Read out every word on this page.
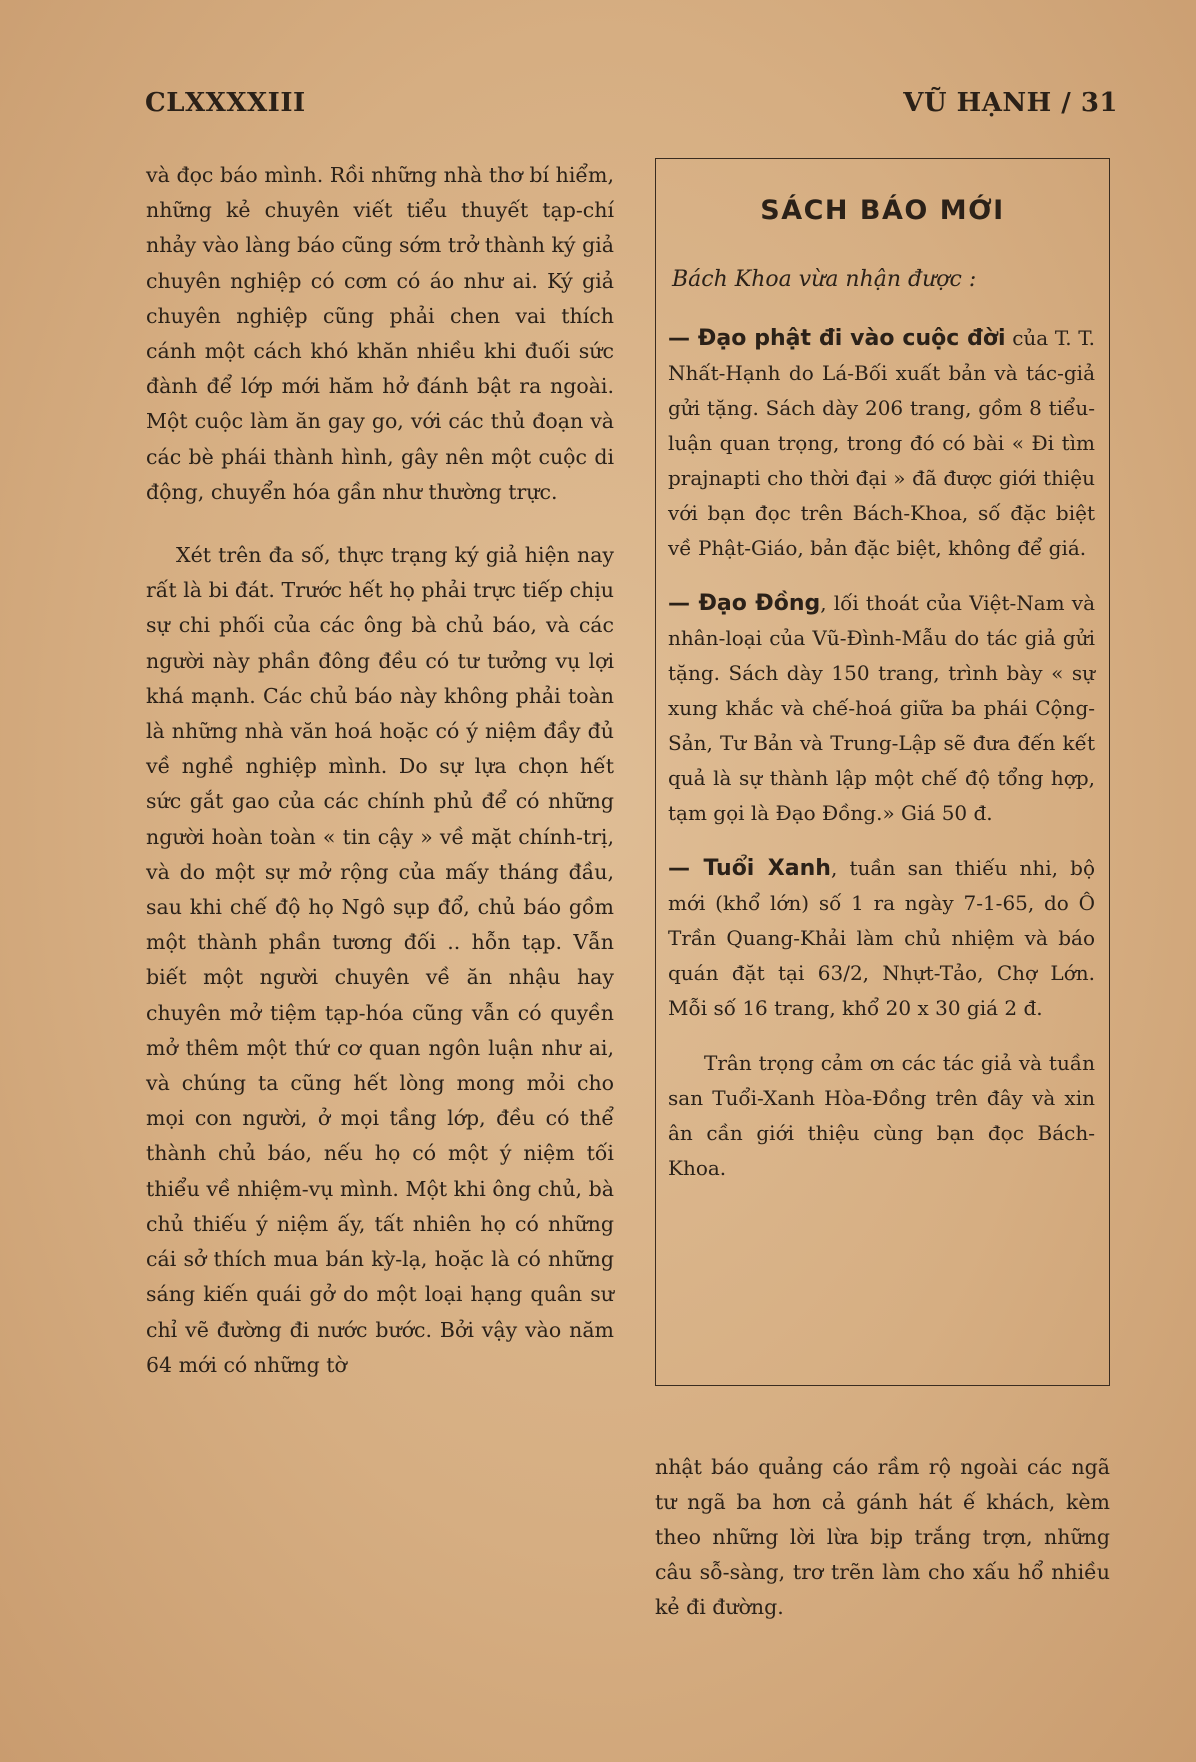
CLXXXXIII	VŨ HẠNH / 31

và đọc báo mình. Rồi những nhà thơ bí hiểm, những kẻ chuyên viết tiểu thuyết tạp-chí nhảy vào làng báo cũng sớm trở thành ký giả chuyên nghiệp có cơm có áo như ai. Ký giả chuyên nghiệp cũng phải chen vai thích cánh một cách khó khăn nhiều khi đuối sức đành để lớp mới hăm hở đánh bật ra ngoài. Một cuộc làm ăn gay go, với các thủ đoạn và các bè phái thành hình, gây nên một cuộc di động, chuyển hóa gần như thường trực.

Xét trên đa số, thực trạng ký giả hiện nay rất là bi đát. Trước hết họ phải trực tiếp chịu sự chi phối của các ông bà chủ báo, và các người này phần đông đều có tư tưởng vụ lợi khá mạnh. Các chủ báo này không phải toàn là những nhà văn hoá hoặc có ý niệm đầy đủ về nghề nghiệp mình. Do sự lựa chọn hết sức gắt gao của các chính phủ để có những người hoàn toàn « tin cậy » về mặt chính-trị, và do một sự mở rộng của mấy tháng đầu, sau khi chế độ họ Ngô sụp đổ, chủ báo gồm một thành phần tương đối .. hỗn tạp. Vẫn biết một người chuyên về ăn nhậu hay chuyên mở tiệm tạp-hóa cũng vẫn có quyền mở thêm một thứ cơ quan ngôn luận như ai, và chúng ta cũng hết lòng mong mỏi cho mọi con người, ở mọi tầng lớp, đều có thể thành chủ báo, nếu họ có một ý niệm tối thiểu về nhiệm-vụ mình. Một khi ông chủ, bà chủ thiếu ý niệm ấy, tất nhiên họ có những cái sở thích mua bán kỳ-lạ, hoặc là có những sáng kiến quái gở do một loại hạng quân sư chỉ vẽ đường đi nước bước. Bởi vậy vào năm 64 mới có những tờ

SÁCH BÁO MỚI
Bách Khoa vừa nhận được :

— Đạo phật đi vào cuộc đời của T. T. Nhất-Hạnh do Lá-Bối xuất bản và tác-giả gửi tặng. Sách dày 206 trang, gồm 8 tiểu-luận quan trọng, trong đó có bài « Đi tìm prajnapti cho thời đại » đã được giới thiệu với bạn đọc trên Bách-Khoa, số đặc biệt về Phật-Giáo, bản đặc biệt, không để giá.

— Đạo Đồng, lối thoát của Việt-Nam và nhân-loại của Vũ-Đình-Mẫu do tác giả gửi tặng. Sách dày 150 trang, trình bày « sự xung khắc và chế-hoá giữa ba phái Cộng-Sản, Tư Bản và Trung-Lập sẽ đưa đến kết quả là sự thành lập một chế độ tổng hợp, tạm gọi là Đạo Đồng.» Giá 50 đ.

— Tuổi Xanh, tuần san thiếu nhi, bộ mới (khổ lớn) số 1 ra ngày 7-1-65, do Ô Trần Quang-Khải làm chủ nhiệm và báo quán đặt tại 63/2, Nhựt-Tảo, Chợ Lớn. Mỗi số 16 trang, khổ 20 x 30 giá 2 đ.

Trân trọng cảm ơn các tác giả và tuần san Tuổi-Xanh Hòa-Đồng trên đây và xin ân cần giới thiệu cùng bạn đọc Bách-Khoa.

nhật báo quảng cáo rầm rộ ngoài các ngã tư ngã ba hơn cả gánh hát ế khách, kèm theo những lời lừa bịp trắng trợn, những câu sỗ-sàng, trơ trẽn làm cho xấu hổ nhiều kẻ đi đường.
